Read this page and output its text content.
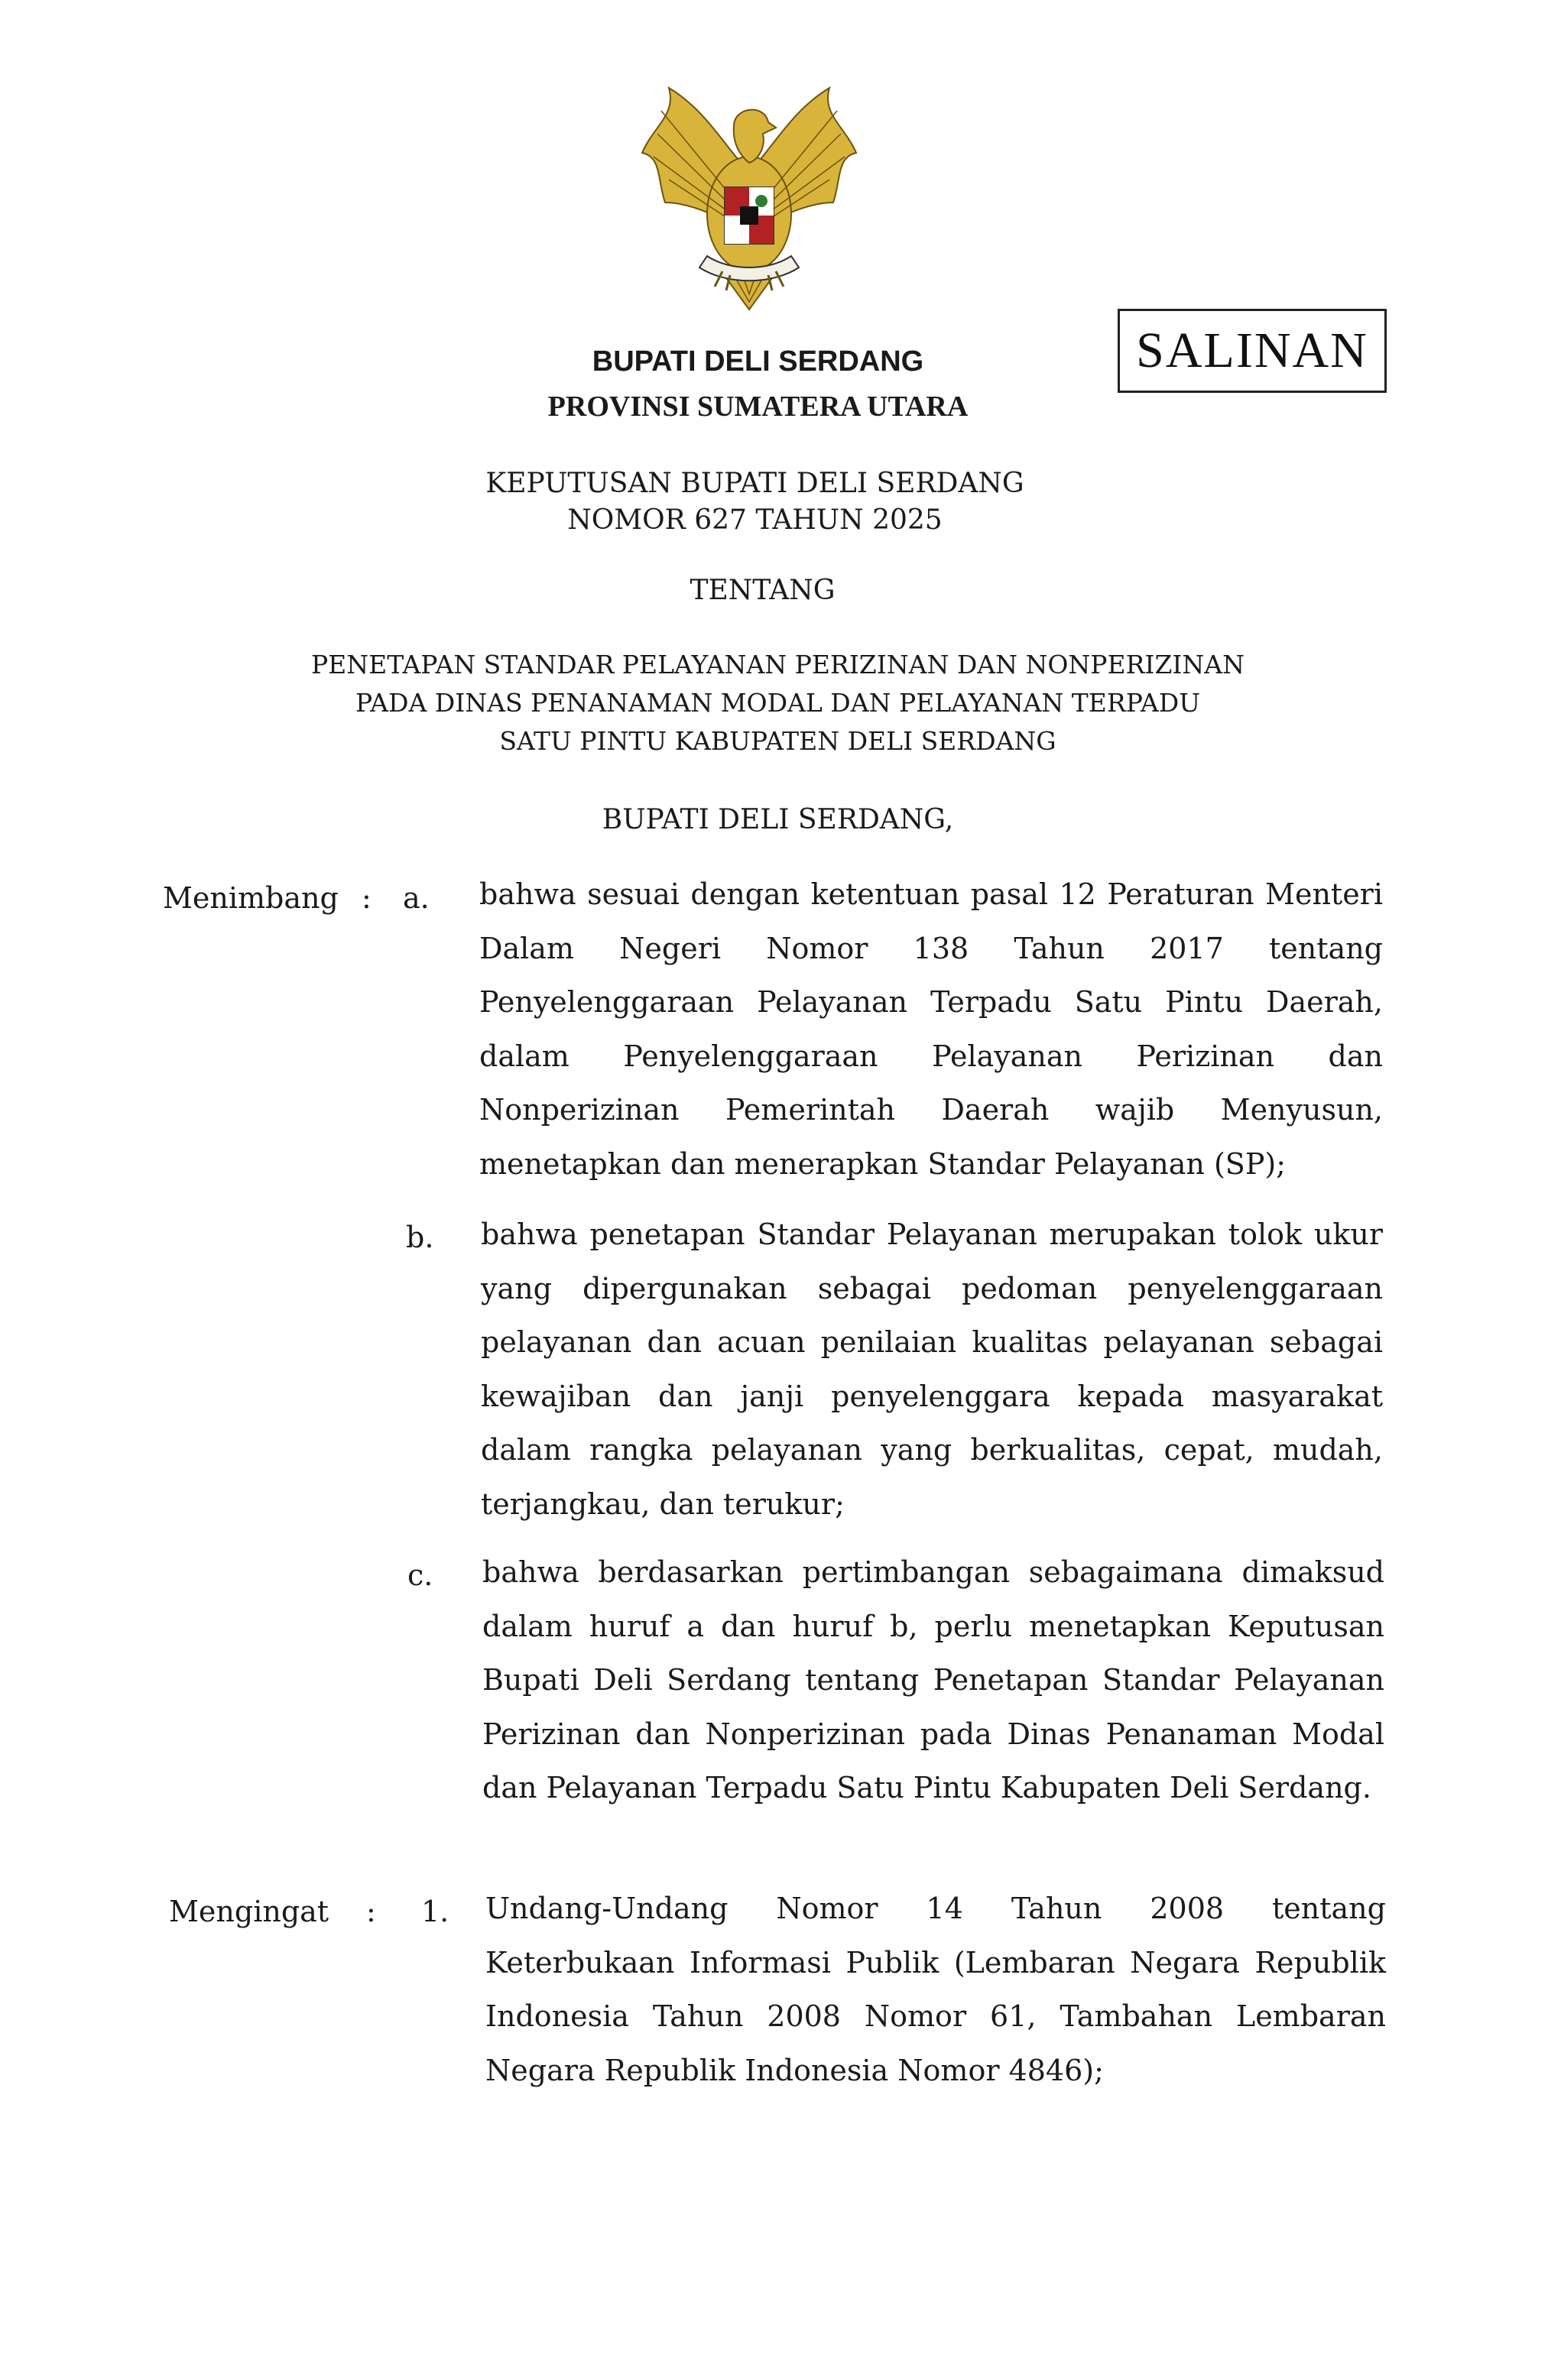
SALINAN
BUPATI DELI SERDANG
PROVINSI SUMATERA UTARA
KEPUTUSAN BUPATI DELI SERDANG
NOMOR 627 TAHUN 2025
TENTANG
PENETAPAN STANDAR PELAYANAN PERIZINAN DAN NONPERIZINAN
PADA DINAS PENANAMAN MODAL DAN PELAYANAN TERPADU
SATU PINTU KABUPATEN DELI SERDANG
BUPATI DELI SERDANG,
Menimbang : a. bahwa sesuai dengan ketentuan pasal 12 Peraturan Menteri Dalam Negeri Nomor 138 Tahun 2017 tentang Penyelenggaraan Pelayanan Terpadu Satu Pintu Daerah, dalam Penyelenggaraan Pelayanan Perizinan dan Nonperizinan Pemerintah Daerah wajib Menyusun, menetapkan dan menerapkan Standar Pelayanan (SP);
b. bahwa penetapan Standar Pelayanan merupakan tolok ukur yang dipergunakan sebagai pedoman penyelenggaraan pelayanan dan acuan penilaian kualitas pelayanan sebagai kewajiban dan janji penyelenggara kepada masyarakat dalam rangka pelayanan yang berkualitas, cepat, mudah, terjangkau, dan terukur;
c. bahwa berdasarkan pertimbangan sebagaimana dimaksud dalam huruf a dan huruf b, perlu menetapkan Keputusan Bupati Deli Serdang tentang Penetapan Standar Pelayanan Perizinan dan Nonperizinan pada Dinas Penanaman Modal dan Pelayanan Terpadu Satu Pintu Kabupaten Deli Serdang.
Mengingat : 1. Undang-Undang Nomor 14 Tahun 2008 tentang Keterbukaan Informasi Publik (Lembaran Negara Republik Indonesia Tahun 2008 Nomor 61, Tambahan Lembaran Negara Republik Indonesia Nomor 4846);
